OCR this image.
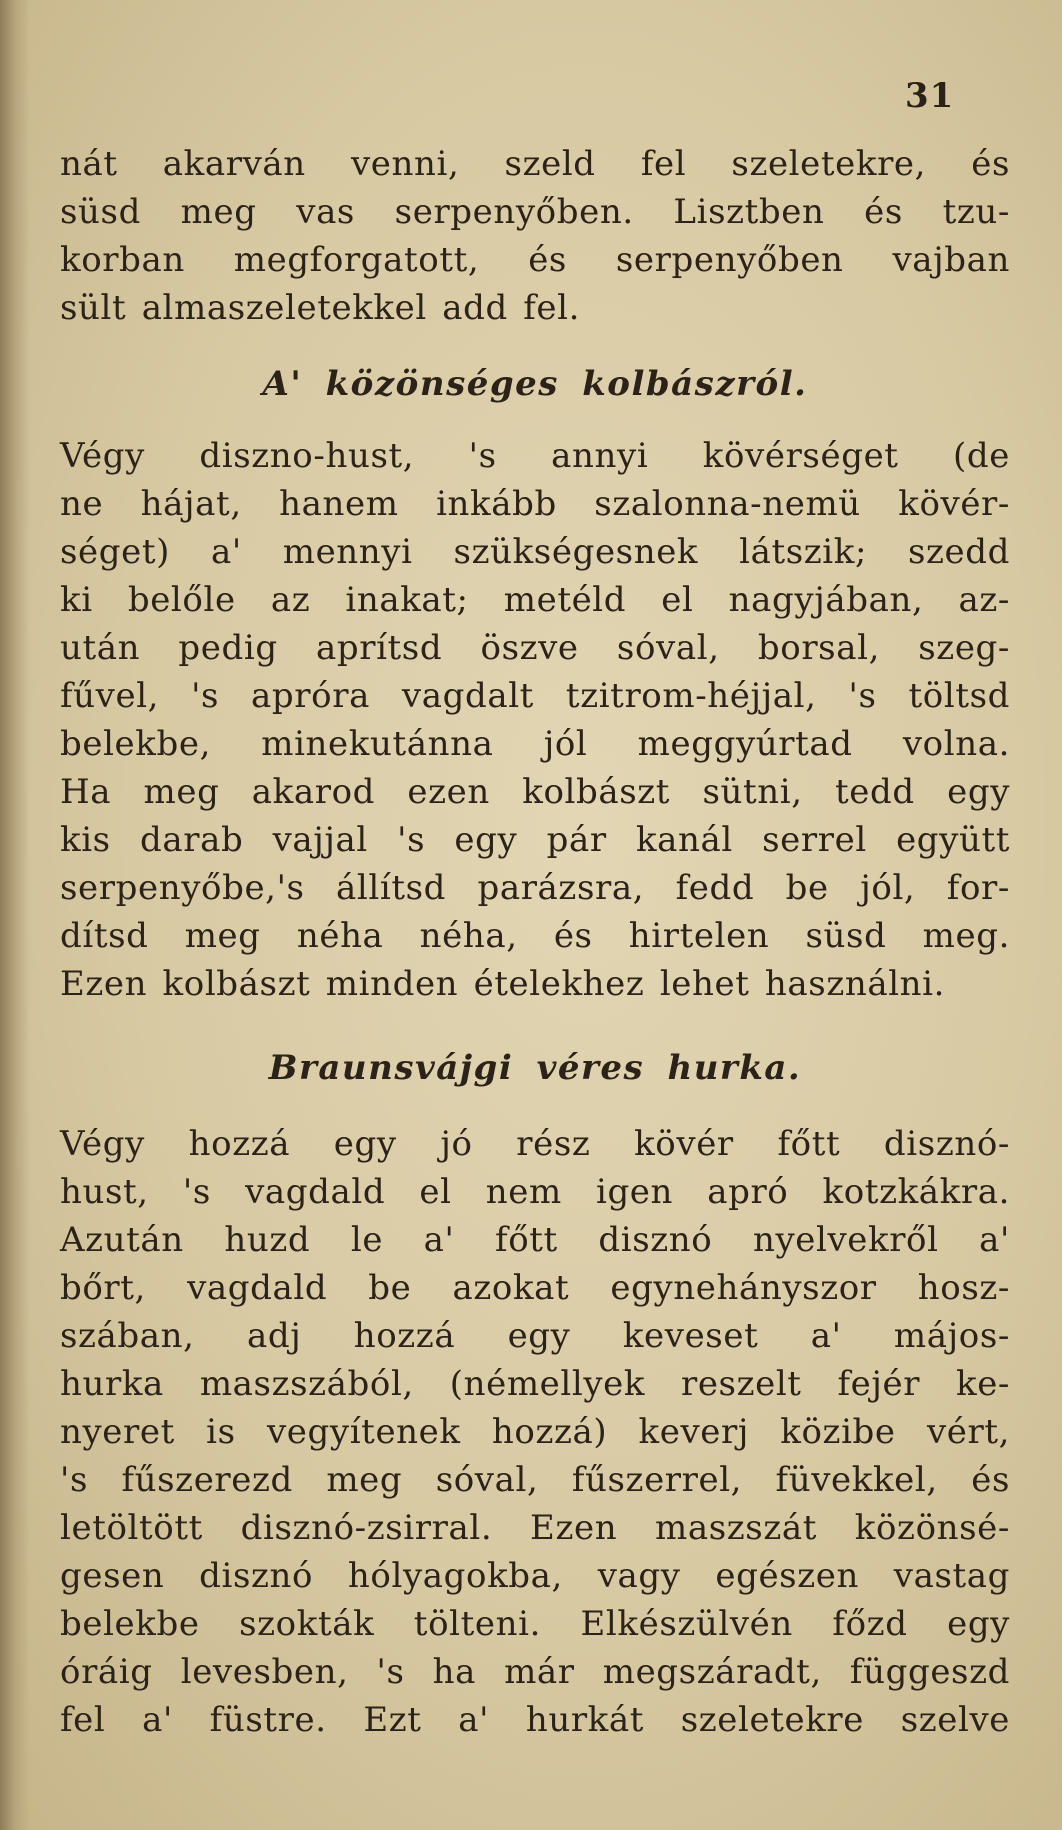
31
nát akarván venni, szeld fel szeletekre, és
süsd meg vas serpenyőben. Lisztben és tzu-
korban megforgatott, és serpenyőben vajban
sült almaszeletekkel add fel.
A' közönséges kolbászról.
Végy diszno-hust, 's annyi kövérséget (de
ne hájat, hanem inkább szalonna-nemü kövér-
séget) a' mennyi szükségesnek látszik; szedd
ki belőle az inakat; metéld el nagyjában, az-
után pedig aprítsd öszve sóval, borsal, szeg-
fűvel, 's apróra vagdalt tzitrom-héjjal, 's töltsd
belekbe, minekutánna jól meggyúrtad volna.
Ha meg akarod ezen kolbászt sütni, tedd egy
kis darab vajjal 's egy pár kanál serrel együtt
serpenyőbe,'s állítsd parázsra, fedd be jól, for-
dítsd meg néha néha, és hirtelen süsd meg.
Ezen kolbászt minden ételekhez lehet használni.
Braunsvájgi véres hurka.
Végy hozzá egy jó rész kövér főtt disznó-
hust, 's vagdald el nem igen apró kotzkákra.
Azután huzd le a' főtt disznó nyelvekről a'
bőrt, vagdald be azokat egynehányszor hosz-
szában, adj hozzá egy keveset a' májos-
hurka maszszából, (némellyek reszelt fejér ke-
nyeret is vegyítenek hozzá) keverj közibe vért,
's fűszerezd meg sóval, fűszerrel, füvekkel, és
letöltött disznó-zsirral. Ezen maszszát közönsé-
gesen disznó hólyagokba, vagy egészen vastag
belekbe szokták tölteni. Elkészülvén főzd egy
óráig levesben, 's ha már megszáradt, függeszd
fel a' füstre. Ezt a' hurkát szeletekre szelve
